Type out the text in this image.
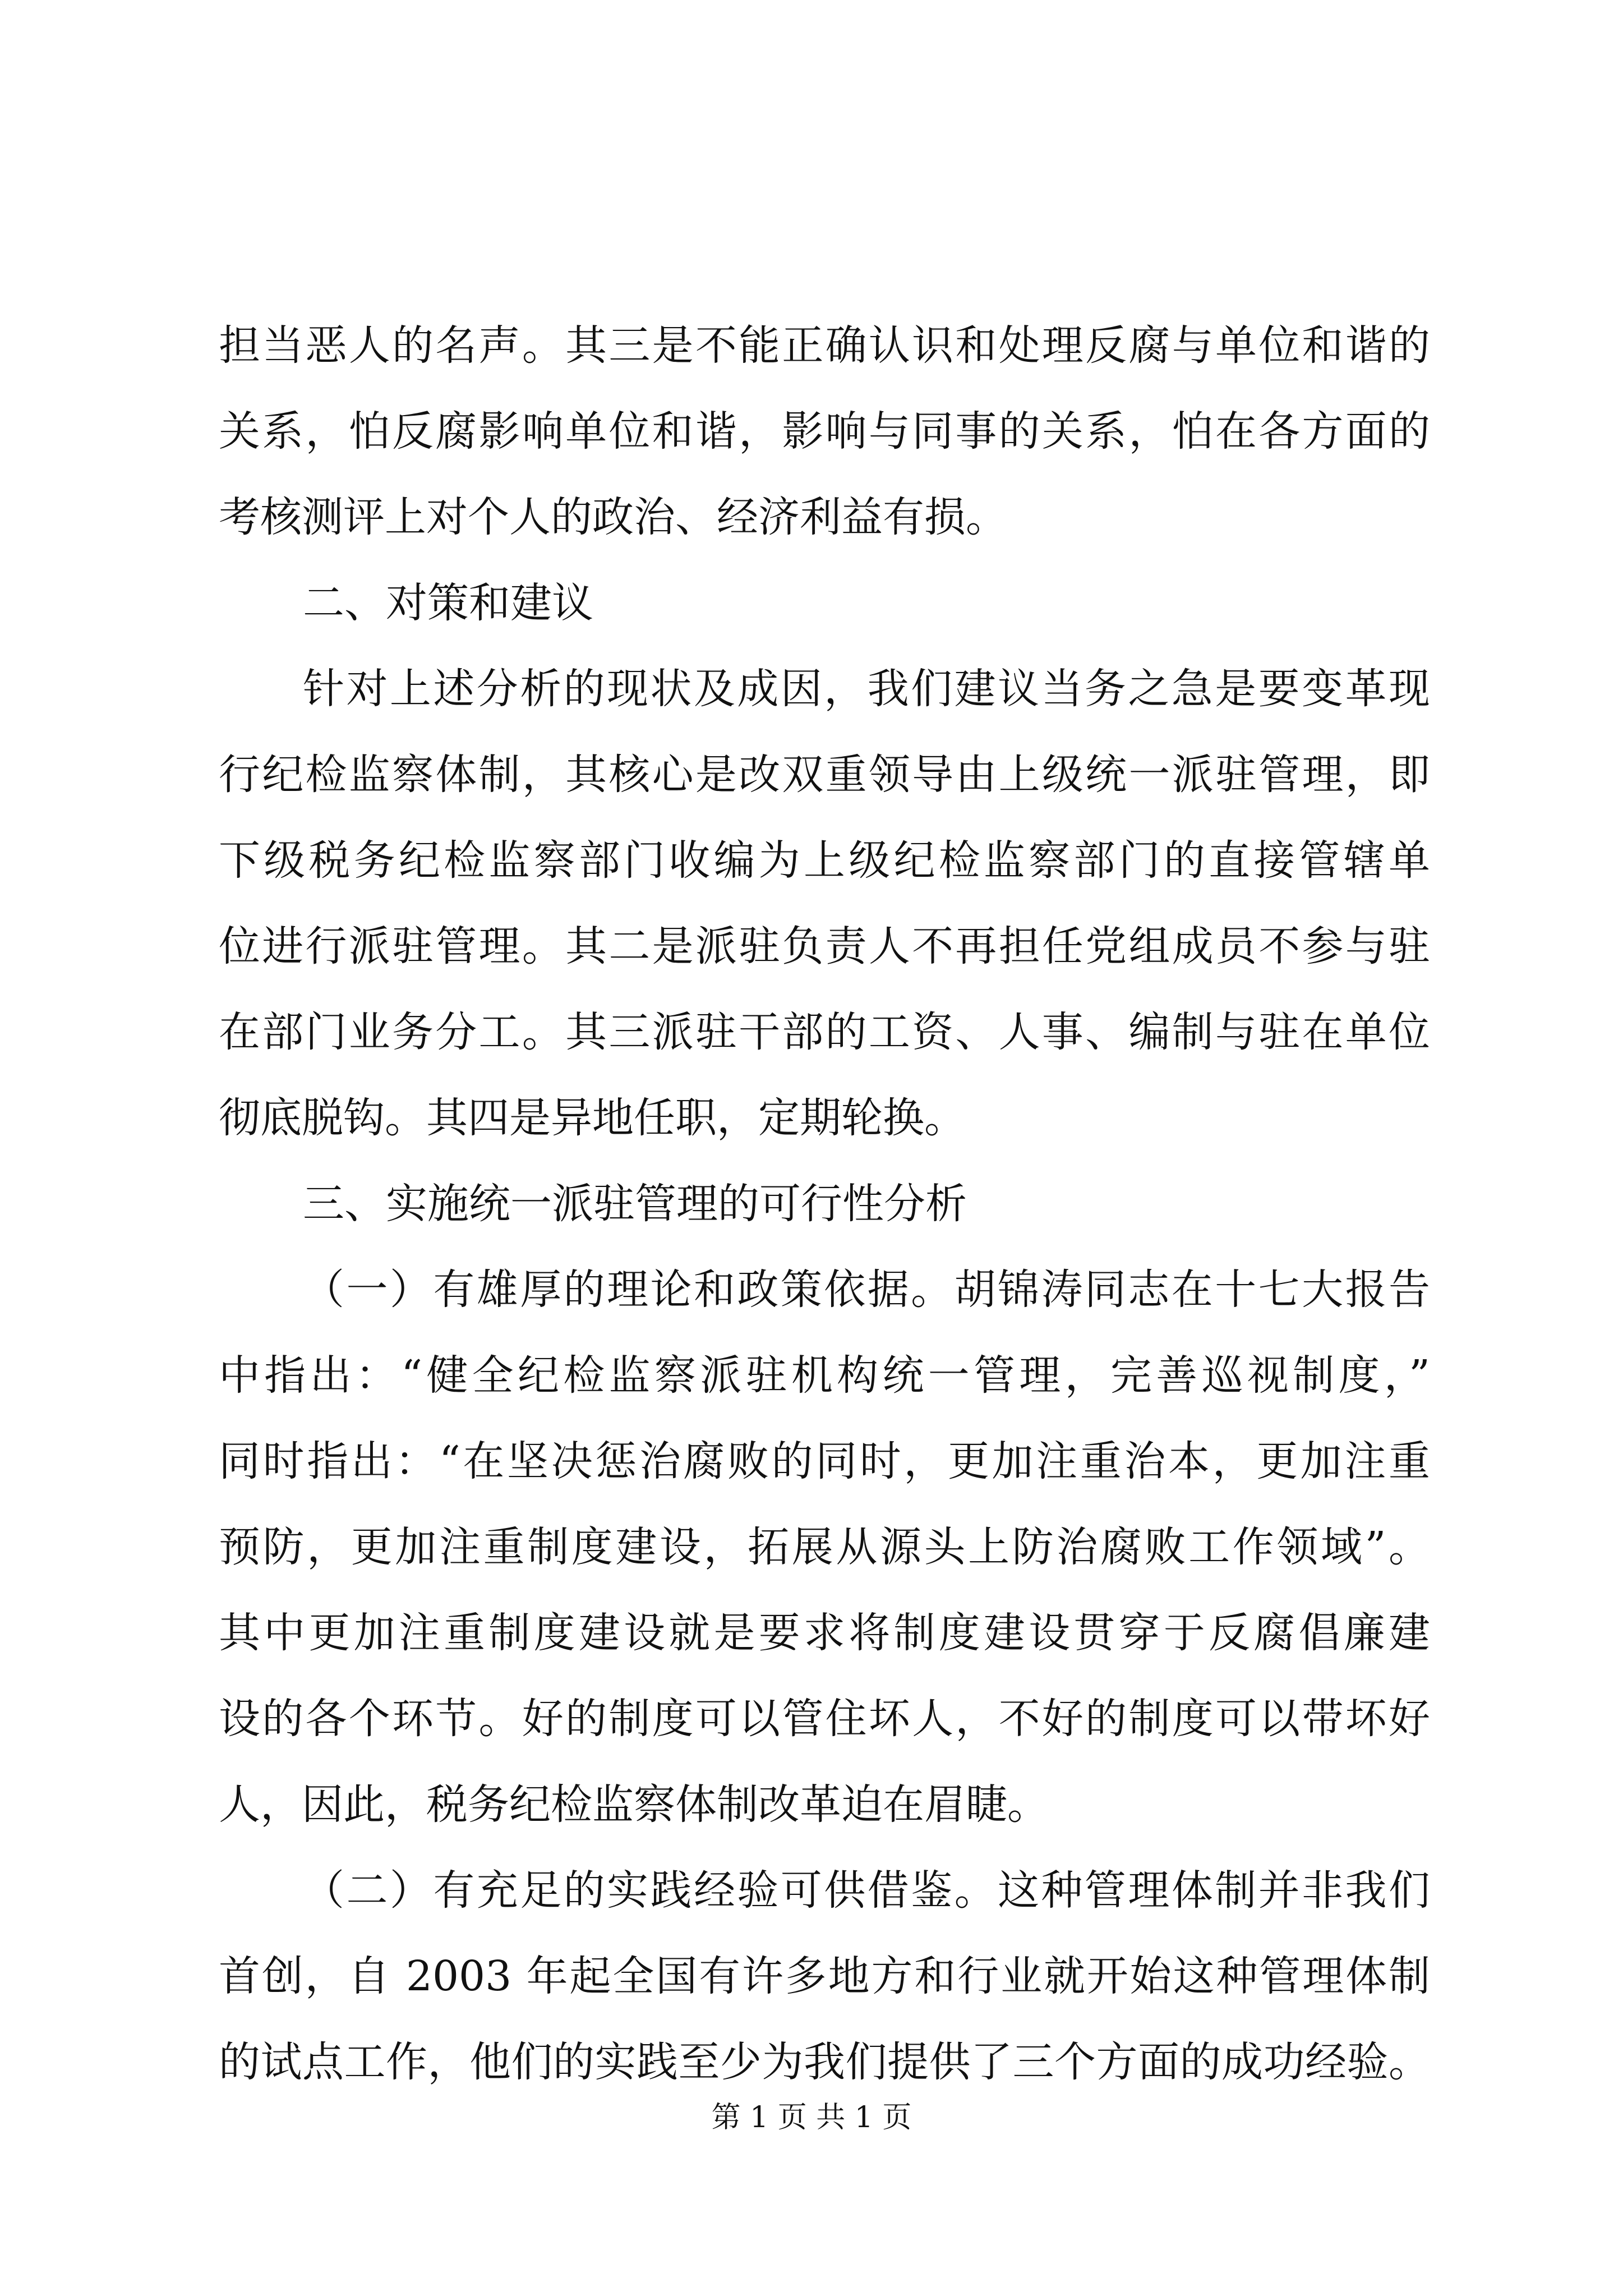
担当恶人的名声。其三是不能正确认识和处理反腐与单位和谐的
关系，怕反腐影响单位和谐，影响与同事的关系，怕在各方面的
考核测评上对个人的政治、经济利益有损。
二、对策和建议
针对上述分析的现状及成因，我们建议当务之急是要变革现
行纪检监察体制，其核心是改双重领导由上级统一派驻管理，即
下级税务纪检监察部门收编为上级纪检监察部门的直接管辖单
位进行派驻管理。其二是派驻负责人不再担任党组成员不参与驻
在部门业务分工。其三派驻干部的工资、人事、编制与驻在单位
彻底脱钩。其四是异地任职，定期轮换。
三、实施统一派驻管理的可行性分析
（一）有雄厚的理论和政策依据。胡锦涛同志在十七大报告
中指出：“健全纪检监察派驻机构统一管理，完善巡视制度，”
同时指出：“在坚决惩治腐败的同时，更加注重治本，更加注重
预防，更加注重制度建设，拓展从源头上防治腐败工作领域”。
其中更加注重制度建设就是要求将制度建设贯穿于反腐倡廉建
设的各个环节。好的制度可以管住坏人，不好的制度可以带坏好
人，因此，税务纪检监察体制改革迫在眉睫。
（二）有充足的实践经验可供借鉴。这种管理体制并非我们
首创，自 2003 年起全国有许多地方和行业就开始这种管理体制
的试点工作，他们的实践至少为我们提供了三个方面的成功经验。
第 1 页 共 1 页
